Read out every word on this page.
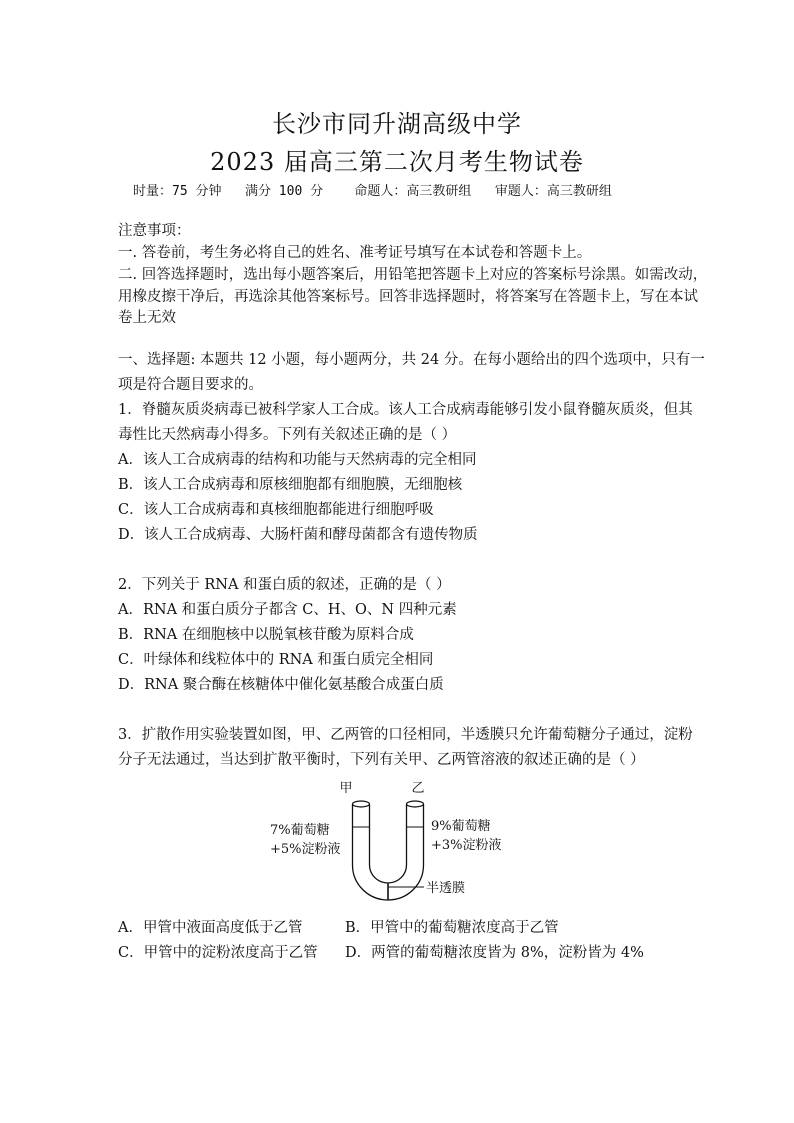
长沙市同升湖高级中学
2023 届高三第二次月考生物试卷
时量：75 分钟   满分 100 分    命题人：高三教研组   审题人：高三教研组
注意事项：
一. 答卷前，考生务必将自己的姓名、准考证号填写在本试卷和答题卡上。
二. 回答选择题时，选出每小题答案后，用铅笔把答题卡上对应的答案标号涂黑。如需改动，
用橡皮擦干净后，再选涂其他答案标号。回答非选择题时，将答案写在答题卡上，写在本试
卷上无效
一、选择题: 本题共 12 小题，每小题两分，共 24 分。在每小题给出的四个选项中，只有一
项是符合题目要求的。
1．脊髓灰质炎病毒已被科学家人工合成。该人工合成病毒能够引发小鼠脊髓灰质炎，但其
毒性比天然病毒小得多。下列有关叙述正确的是（ ）
A．该人工合成病毒的结构和功能与天然病毒的完全相同
B．该人工合成病毒和原核细胞都有细胞膜，无细胞核
C．该人工合成病毒和真核细胞都能进行细胞呼吸
D．该人工合成病毒、大肠杆菌和酵母菌都含有遗传物质
2．下列关于 RNA 和蛋白质的叙述，正确的是（ ）
A．RNA 和蛋白质分子都含 C、H、O、N 四种元素
B．RNA 在细胞核中以脱氧核苷酸为原料合成
C．叶绿体和线粒体中的 RNA 和蛋白质完全相同
D．RNA 聚合酶在核糖体中催化氨基酸合成蛋白质
3．扩散作用实验装置如图，甲、乙两管的口径相同，半透膜只允许葡萄糖分子通过，淀粉
分子无法通过，当达到扩散平衡时，下列有关甲、乙两管溶液的叙述正确的是（ ）
甲	乙
半透膜
7%葡萄糖
+5%淀粉液
9%葡萄糖
+3%淀粉液
A．甲管中液面高度低于乙管	B．甲管中的葡萄糖浓度高于乙管
C．甲管中的淀粉浓度高于乙管 D．两管的葡萄糖浓度皆为 8%，淀粉皆为 4%
